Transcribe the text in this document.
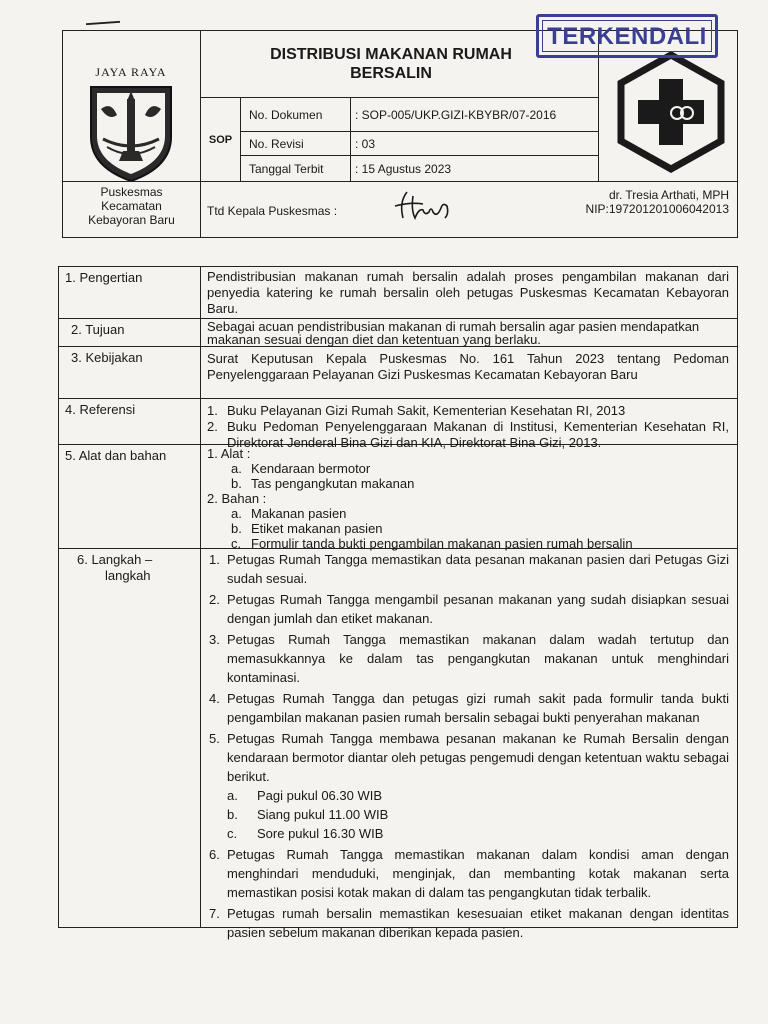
JAYA RAYA
DISTRIBUSI MAKANAN RUMAH BERSALIN
SOP
No. Dokumen	: SOP-005/UKP.GIZI-KBYBR/07-2016
No. Revisi	: 03
Tanggal Terbit	: 15 Agustus 2023
Puskesmas
Kecamatan
Kebayoran Baru
Ttd Kepala Puskesmas :
dr. Tresia Arthati, MPH
NIP:197201201006042013
TERKENDALI
1. Pengertian	Pendistribusian makanan rumah bersalin adalah proses pengambilan makanan dari penyedia katering ke rumah bersalin oleh petugas Puskesmas Kecamatan Kebayoran Baru.
2. Tujuan	Sebagai acuan pendistribusian makanan di rumah bersalin agar pasien mendapatkan makanan sesuai dengan diet dan ketentuan yang berlaku.
3. Kebijakan	Surat Keputusan Kepala Puskesmas No. 161 Tahun 2023 tentang Pedoman Penyelenggaraan Pelayanan Gizi Puskesmas Kecamatan Kebayoran Baru
4. Referensi	1. Buku Pelayanan Gizi Rumah Sakit, Kementerian Kesehatan RI, 2013
2. Buku Pedoman Penyelenggaraan Makanan di Institusi, Kementerian Kesehatan RI, Direktorat Jenderal Bina Gizi dan KIA, Direktorat Bina Gizi, 2013.
5. Alat dan bahan	1. Alat :
a. Kendaraan bermotor
b. Tas pengangkutan makanan
2. Bahan :
a. Makanan pasien
b. Etiket makanan pasien
c. Formulir tanda bukti pengambilan makanan pasien rumah bersalin
6. Langkah –
langkah
1. Petugas Rumah Tangga memastikan data pesanan makanan pasien dari Petugas Gizi sudah sesuai.
2. Petugas Rumah Tangga mengambil pesanan makanan yang sudah disiapkan sesuai dengan jumlah dan etiket makanan.
3. Petugas Rumah Tangga memastikan makanan dalam wadah tertutup dan memasukkannya ke dalam tas pengangkutan makanan untuk menghindari kontaminasi.
4. Petugas Rumah Tangga dan petugas gizi rumah sakit pada formulir tanda bukti pengambilan makanan pasien rumah bersalin sebagai bukti penyerahan makanan
5. Petugas Rumah Tangga membawa pesanan makanan ke Rumah Bersalin dengan kendaraan bermotor diantar oleh petugas pengemudi dengan ketentuan waktu sebagai berikut.
a. Pagi pukul 06.30 WIB
b. Siang pukul 11.00 WIB
c. Sore pukul 16.30 WIB
6. Petugas Rumah Tangga memastikan makanan dalam kondisi aman dengan menghindari menduduki, menginjak, dan membanting kotak makanan serta memastikan posisi kotak makan di dalam tas pengangkutan tidak terbalik.
7. Petugas rumah bersalin memastikan kesesuaian etiket makanan dengan identitas pasien sebelum makanan diberikan kepada pasien.
